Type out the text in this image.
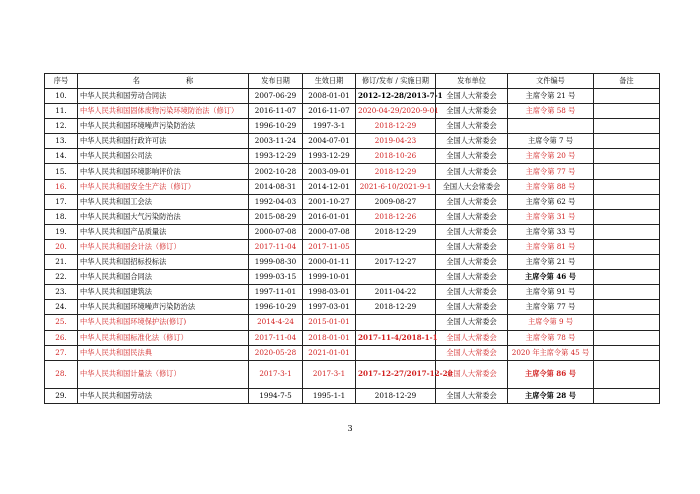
序号	名 称	发布日期	生效日期	修订/发布 / 实施日期	发布单位	文件编号	备注
10.	中华人民共和国劳动合同法	2007-06-29	2008-01-01	2012-12-28/2013-7-1	全国人大常委会	主席令第 21 号	
11.	中华人民共和国固体废物污染环境防治法（修订）	2016-11-07	2016-11-07	2020-04-29/2020-9-01	全国人大常委会	主席令第 58 号	
12.	中华人民共和国环境噪声污染防治法	1996-10-29	1997-3-1	2018-12-29	全国人大常委会		
13.	中华人民共和国行政许可法	2003-11-24	2004-07-01	2019-04-23	全国人大常委会	主席令第 7 号	
14.	中华人民共和国公司法	1993-12-29	1993-12-29	2018-10-26	全国人大常委会	主席令第 20 号	
15.	中华人民共和国环境影响评价法	2002-10-28	2003-09-01	2018-12-29	全国人大常委会	主席令第 77 号	
16.	中华人民共和国安全生产法（修订）	2014-08-31	2014-12-01	2021-6-10/2021-9-1	全国人大会常委会	主席令第 88 号	
17.	中华人民共和国工会法	1992-04-03	2001-10-27	2009-08-27	全国人大常委会	主席令第 62 号	
18.	中华人民共和国大气污染防治法	2015-08-29	2016-01-01	2018-12-26	全国人大常委会	主席令第 31 号	
19.	中华人民共和国产品质量法	2000-07-08	2000-07-08	2018-12-29	全国人大常委会	主席令第 33 号	
20.	中华人民共和国会计法（修订）	2017-11-04	2017-11-05		全国人大常委会	主席令第 81 号	
21.	中华人民共和国招标投标法	1999-08-30	2000-01-11	2017-12-27	全国人大常委会	主席令第 21 号	
22.	中华人民共和国合同法	1999-03-15	1999-10-01		全国人大常委会	主席令第 46 号	
23.	中华人民共和国建筑法	1997-11-01	1998-03-01	2011-04-22	全国人大常委会	主席令第 91 号	
24.	中华人民共和国环境噪声污染防治法	1996-10-29	1997-03-01	2018-12-29	全国人大常委会	主席令第 77 号	
25.	中华人民共和国环境保护法(修订)	2014-4-24	2015-01-01		全国人大常委会	主席令第 9 号	
26.	中华人民共和国标准化法（修订）	2017-11-04	2018-01-01	2017-11-4/2018-1-1	全国人大常委会	主席令第 78 号	
27.	中华人民共和国民法典	2020-05-28	2021-01-01		全国人大常委会	2020 年主席令第 45 号	
28.	中华人民共和国计量法（修订）	2017-3-1	2017-3-1	2017-12-27/2017-12-28	全国人大常委会	主席令第 86 号	
29.	中华人民共和国劳动法	1994-7-5	1995-1-1	2018-12-29	全国人大常委会	主席令第 28 号	
3
